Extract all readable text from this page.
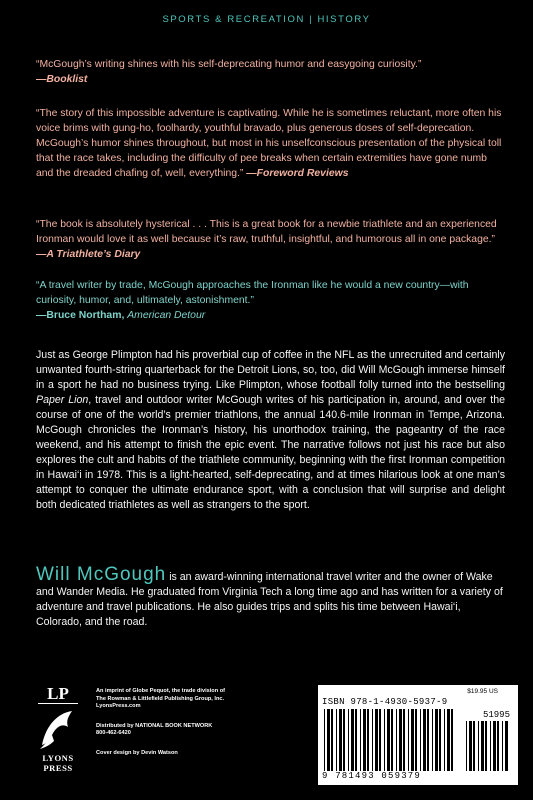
SPORTS & RECREATION | HISTORY
“McGough’s writing shines with his self-deprecating humor and easygoing curiosity.”
—Booklist
“The story of this impossible adventure is captivating. While he is sometimes reluctant, more often his voice brims with gung-ho, foolhardy, youthful bravado, plus generous doses of self-deprecation. McGough’s humor shines throughout, but most in his unselfconscious presentation of the physical toll that the race takes, including the difficulty of pee breaks when certain extremities have gone numb and the dreaded chafing of, well, everything.” —Foreword Reviews
“The book is absolutely hysterical . . . This is a great book for a newbie triathlete and an experienced Ironman would love it as well because it’s raw, truthful, insightful, and humorous all in one package.” —A Triathlete’s Diary
“A travel writer by trade, McGough approaches the Ironman like he would a new country—with curiosity, humor, and, ultimately, astonishment.”
—Bruce Northam, American Detour
Just as George Plimpton had his proverbial cup of coffee in the NFL as the unrecruited and certainly unwanted fourth-string quarterback for the Detroit Lions, so, too, did Will McGough immerse himself in a sport he had no business trying. Like Plimpton, whose football folly turned into the bestselling Paper Lion, travel and outdoor writer McGough writes of his participation in, around, and over the course of one of the world’s premier triathlons, the annual 140.6-mile Ironman in Tempe, Arizona. McGough chronicles the Ironman’s history, his unorthodox training, the pageantry of the race weekend, and his attempt to finish the epic event. The narrative follows not just his race but also explores the cult and habits of the triathlete community, beginning with the first Ironman competition in Hawai‘i in 1978. This is a light-hearted, self-deprecating, and at times hilarious look at one man’s attempt to conquer the ultimate endurance sport, with a conclusion that will surprise and delight both dedicated triathletes as well as strangers to the sport.
Will McGough is an award-winning international travel writer and the owner of Wake and Wander Media. He graduated from Virginia Tech a long time ago and has written for a variety of adventure and travel publications. He also guides trips and splits his time between Hawai‘i, Colorado, and the road.
LP
LYONS
PRESS
An imprint of Globe Pequot, the trade division of
The Rowman & Littlefield Publishing Group, Inc.
LyonsPress.com
Distributed by NATIONAL BOOK NETWORK
800-462-6420
Cover design by Devin Watson
$19.95 US
ISBN 978-1-4930-5937-9
51995
9 781493 059379
